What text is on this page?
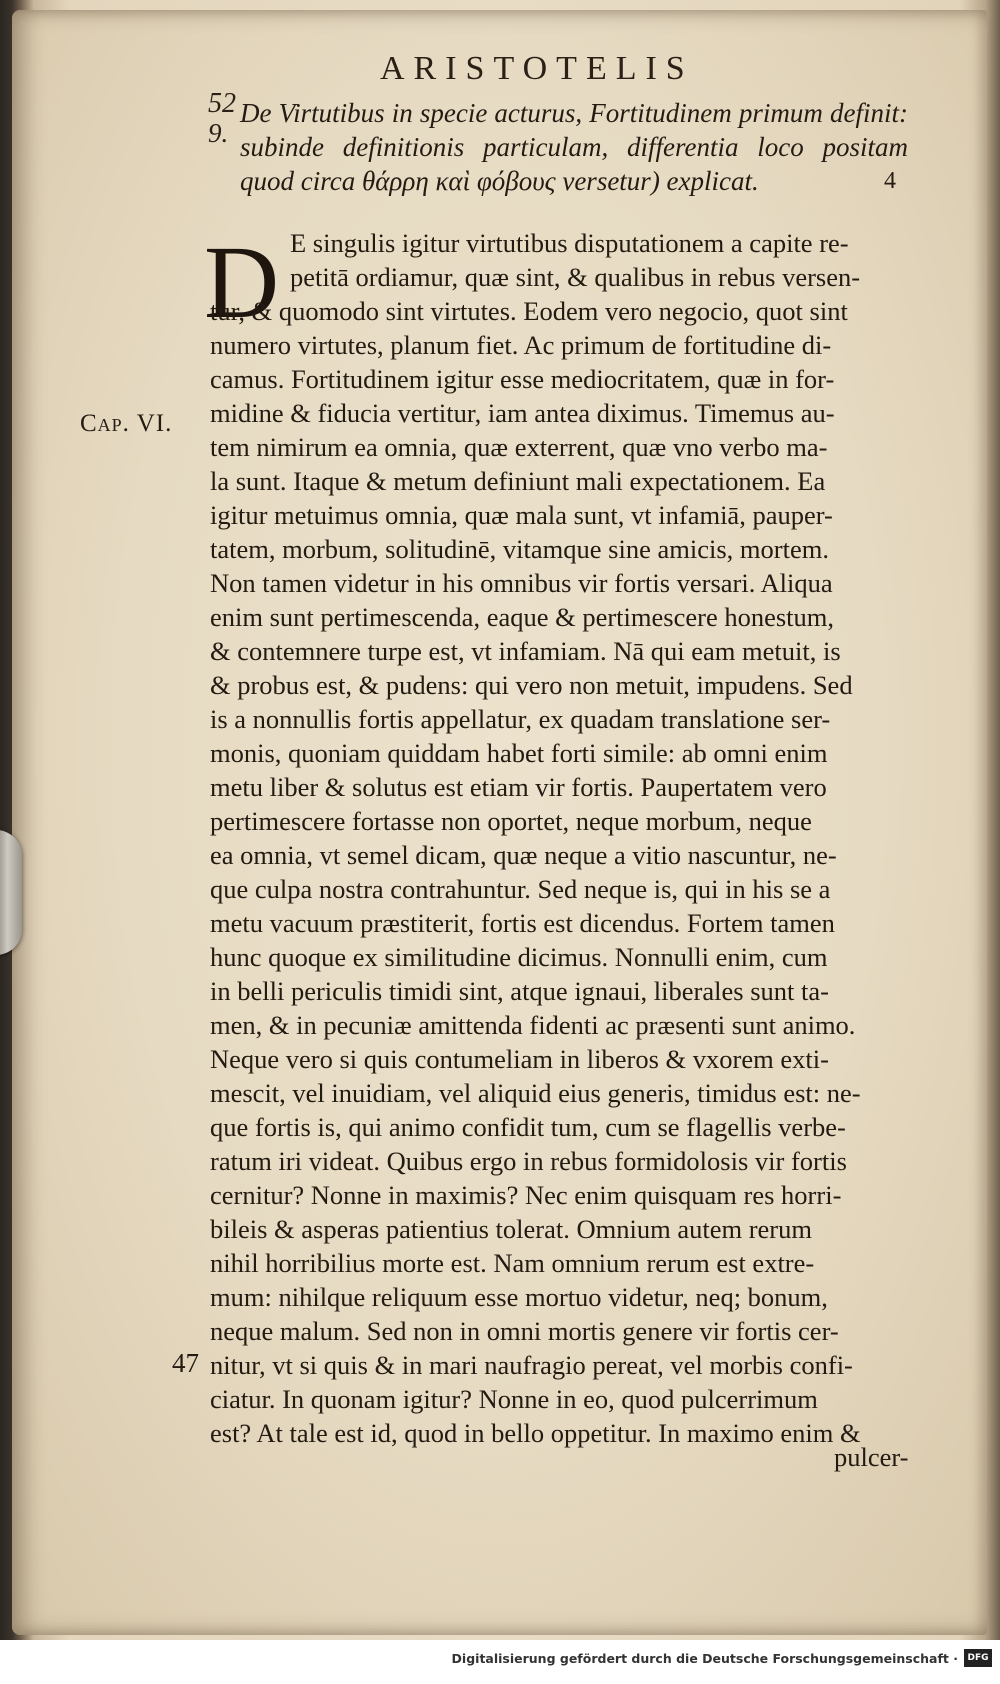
ARISTOTELIS
52
9.
De Virtutibus in specie acturus, Fortitudinem primum definit: subinde definitionis particulam, differentia loco positam quod circa θάρρη καὶ φόβους versetur) explicat.	4
Cap. VI.
D E singulis igitur virtutibus disputationem a capite re-
petitā ordiamur, quæ sint, & qualibus in rebus versen-
tur, & quomodo sint virtutes. Eodem vero negocio, quot sint
numero virtutes, planum fiet. Ac primum de fortitudine di-
camus. Fortitudinem igitur esse mediocritatem, quæ in for-
midine & fiducia vertitur, iam antea diximus. Timemus au-
tem nimirum ea omnia, quæ exterrent, quæ vno verbo ma-
la sunt. Itaque & metum definiunt mali expectationem. Ea
igitur metuimus omnia, quæ mala sunt, vt infamiā, pauper-
tatem, morbum, solitudinē, vitamque sine amicis, mortem.
Non tamen videtur in his omnibus vir fortis versari. Aliqua
enim sunt pertimescenda, eaque & pertimescere honestum,
& contemnere turpe est, vt infamiam. Nā qui eam metuit, is
& probus est, & pudens: qui vero non metuit, impudens. Sed
is a nonnullis fortis appellatur, ex quadam translatione ser-
monis, quoniam quiddam habet forti simile: ab omni enim
metu liber & solutus est etiam vir fortis. Paupertatem vero
pertimescere fortasse non oportet, neque morbum, neque
ea omnia, vt semel dicam, quæ neque a vitio nascuntur, ne-
que culpa nostra contrahuntur. Sed neque is, qui in his se a
metu vacuum præstiterit, fortis est dicendus. Fortem tamen
hunc quoque ex similitudine dicimus. Nonnulli enim, cum
in belli periculis timidi sint, atque ignaui, liberales sunt ta-
men, & in pecuniæ amittenda fidenti ac præsenti sunt animo.
Neque vero si quis contumeliam in liberos & vxorem exti-
mescit, vel inuidiam, vel aliquid eius generis, timidus est: ne-
que fortis is, qui animo confidit tum, cum se flagellis verbe-
ratum iri videat. Quibus ergo in rebus formidolosis vir fortis
cernitur? Nonne in maximis? Nec enim quisquam res horri-
bileis & asperas patientius tolerat. Omnium autem rerum
nihil horribilius morte est. Nam omnium rerum est extre-
mum: nihilque reliquum esse mortuo videtur, neq; bonum,
neque malum. Sed non in omni mortis genere vir fortis cer-
nitur, vt si quis & in mari naufragio pereat, vel morbis confi-
ciatur. In quonam igitur? Nonne in eo, quod pulcerrimum
est? At tale est id, quod in bello oppetitur. In maximo enim &
47
pulcer-
Digitalisierung gefördert durch die Deutsche Forschungsgemeinschaft ·	DFG
